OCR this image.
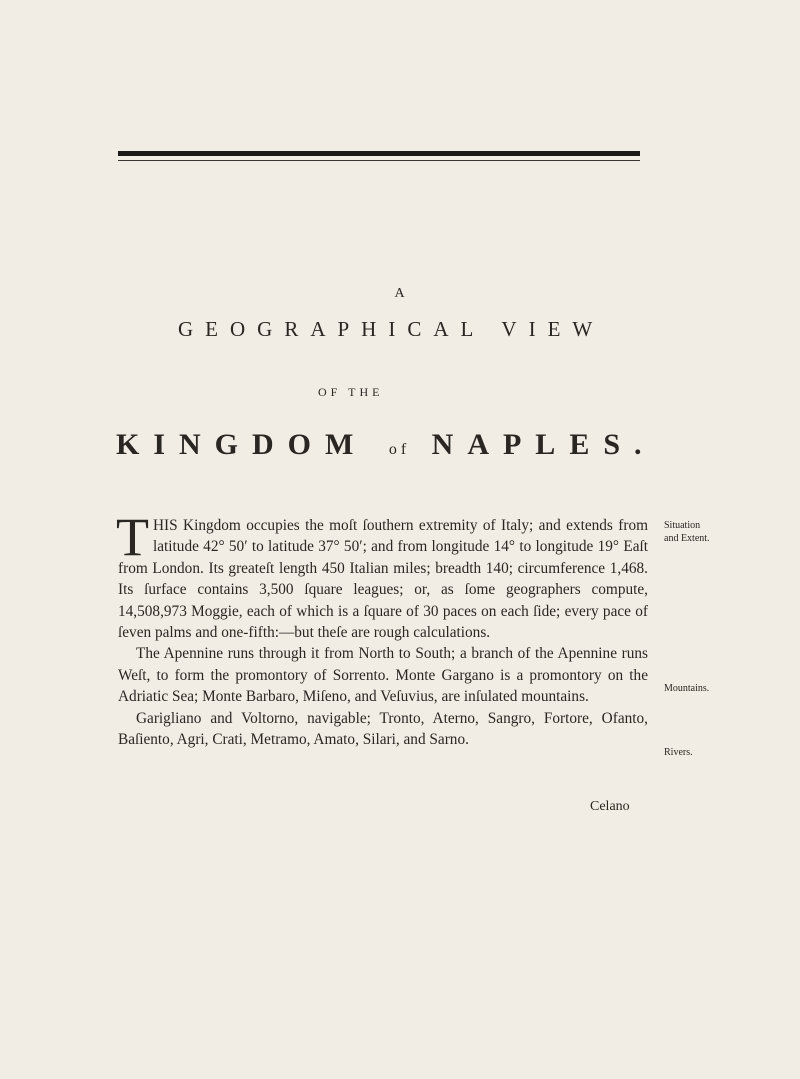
A
GEOGRAPHICAL VIEW
OF THE
KINGDOM of NAPLES.

THIS Kingdom occupies the moſt ſouthern extremity of Italy; and extends from latitude 42° 50′ to latitude 37° 50′; and from longitude 14° to longitude 19° Eaſt from London. Its greateſt length 450 Italian miles; breadth 140; circumference 1,468. Its ſurface contains 3,500 ſquare leagues; or, as ſome geographers compute, 14,508,973 Moggie, each of which is a ſquare of 30 paces on each ſide; every pace of ſeven palms and one-fifth:—but theſe are rough calculations.

The Apennine runs through it from North to South; a branch of the Apennine runs Weſt, to form the promontory of Sorrento. Monte Gargano is a promontory on the Adriatic Sea; Monte Barbaro, Miſeno, and Veſuvius, are inſulated mountains.

Garigliano and Voltorno, navigable; Tronto, Aterno, Sangro, Fortore, Ofanto, Baſiento, Agri, Crati, Metramo, Amato, Silari, and Sarno.

Situation
and Extent.
Mountains.
Rivers.
Celano
